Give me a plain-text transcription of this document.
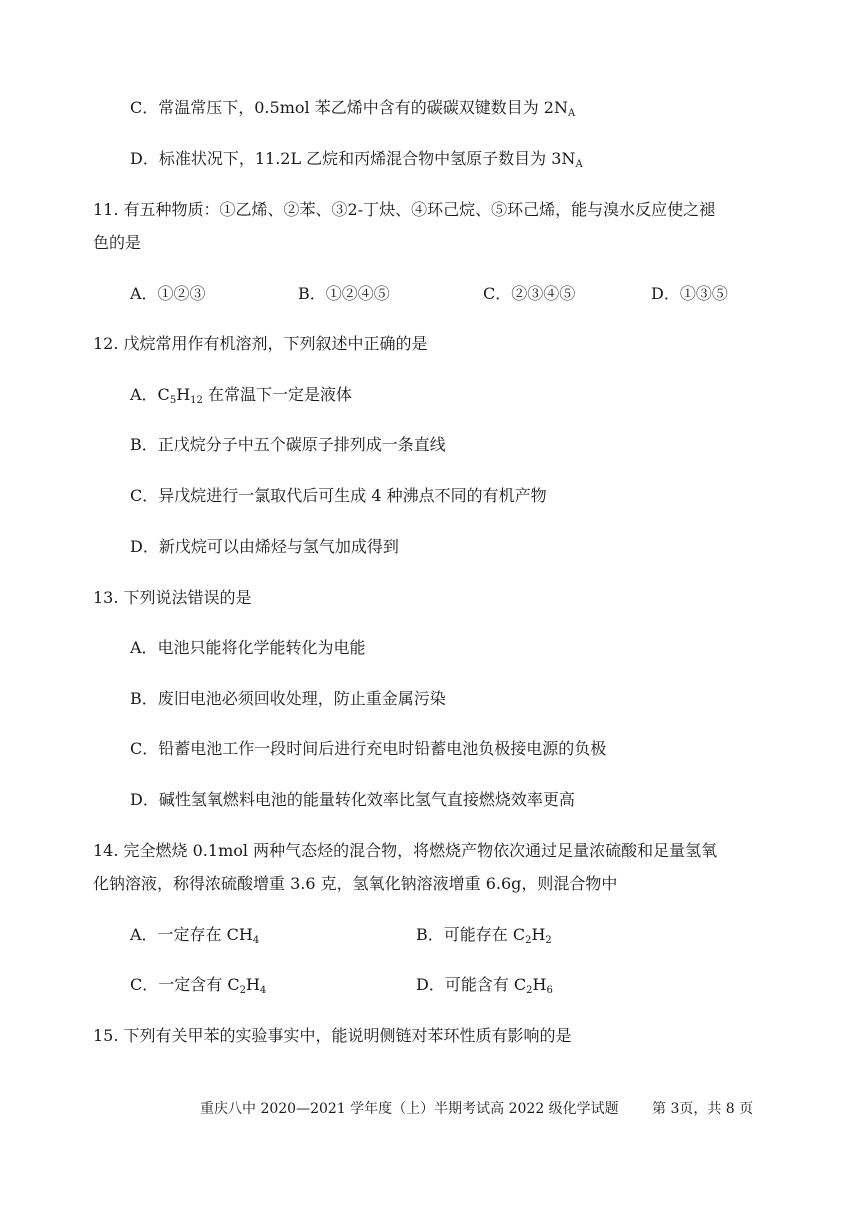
C．常温常压下，0.5mol 苯乙烯中含有的碳碳双键数目为 $2N_A$
D．标准状况下，11.2L 乙烷和丙烯混合物中氢原子数目为 $3N_A$
11. 有五种物质：①乙烯、②苯、③2-丁炔、④环己烷、⑤环己烯，能与溴水反应使之褪
色的是
A．①②③	B．①②④⑤	C．②③④⑤	D．①③⑤
12. 戊烷常用作有机溶剂，下列叙述中正确的是
A．$C_5H_{12}$ 在常温下一定是液体
B．正戊烷分子中五个碳原子排列成一条直线
C．异戊烷进行一氯取代后可生成 4 种沸点不同的有机产物
D．新戊烷可以由烯烃与氢气加成得到
13. 下列说法错误的是
A．电池只能将化学能转化为电能
B．废旧电池必须回收处理，防止重金属污染
C．铅蓄电池工作一段时间后进行充电时铅蓄电池负极接电源的负极
D．碱性氢氧燃料电池的能量转化效率比氢气直接燃烧效率更高
14. 完全燃烧 0.1mol 两种气态烃的混合物，将燃烧产物依次通过足量浓硫酸和足量氢氧
化钠溶液，称得浓硫酸增重 3.6 克，氢氧化钠溶液增重 6.6g，则混合物中
A．一定存在 $CH_4$	B．可能存在 $C_2H_2$
C．一定含有 $C_2H_4$	D．可能含有 $C_2H_6$
15. 下列有关甲苯的实验事实中，能说明侧链对苯环性质有影响的是
重庆八中 2020—2021 学年度（上）半期考试高 2022 级化学试题 第 3页，共 8 页
